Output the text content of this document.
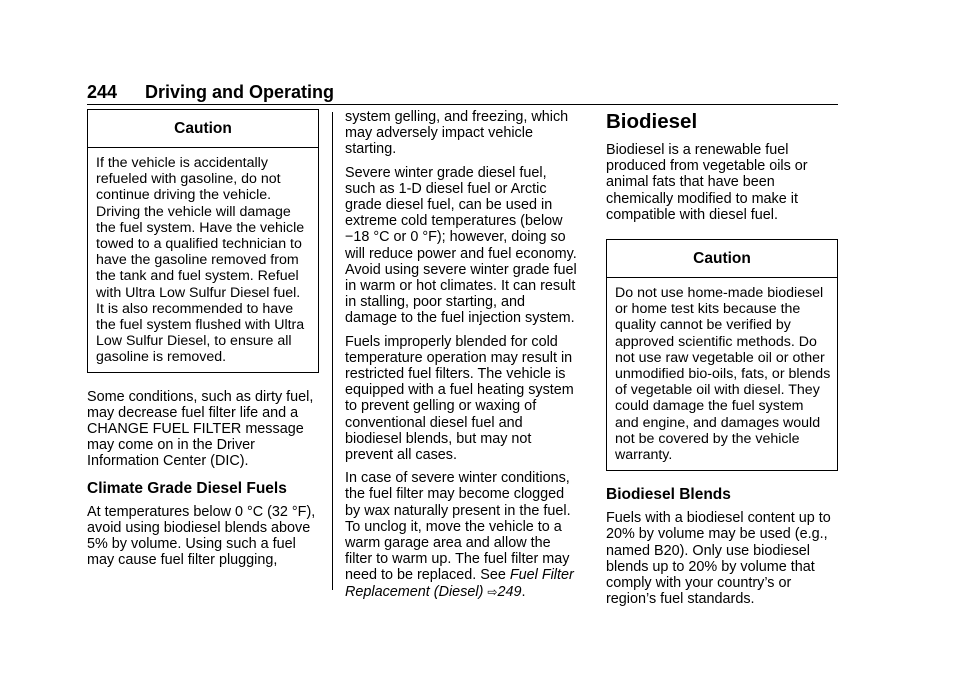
244 Driving and Operating
Caution
If the vehicle is accidentally refueled with gasoline, do not continue driving the vehicle. Driving the vehicle will damage the fuel system. Have the vehicle towed to a qualified technician to have the gasoline removed from the tank and fuel system. Refuel with Ultra Low Sulfur Diesel fuel. It is also recommended to have the fuel system flushed with Ultra Low Sulfur Diesel, to ensure all gasoline is removed.

Some conditions, such as dirty fuel, may decrease fuel filter life and a CHANGE FUEL FILTER message may come on in the Driver Information Center (DIC).

Climate Grade Diesel Fuels

At temperatures below 0 °C (32 °F), avoid using biodiesel blends above 5% by volume. Using such a fuel may cause fuel filter plugging,

system gelling, and freezing, which may adversely impact vehicle starting.

Severe winter grade diesel fuel, such as 1-D diesel fuel or Arctic grade diesel fuel, can be used in extreme cold temperatures (below −18 °C or 0 °F); however, doing so will reduce power and fuel economy. Avoid using severe winter grade fuel in warm or hot climates. It can result in stalling, poor starting, and damage to the fuel injection system.

Fuels improperly blended for cold temperature operation may result in restricted fuel filters. The vehicle is equipped with a fuel heating system to prevent gelling or waxing of conventional diesel fuel and biodiesel blends, but may not prevent all cases.

In case of severe winter conditions, the fuel filter may become clogged by wax naturally present in the fuel. To unclog it, move the vehicle to a warm garage area and allow the filter to warm up. The fuel filter may need to be replaced. See Fuel Filter Replacement (Diesel) ⇨249.

Biodiesel

Biodiesel is a renewable fuel produced from vegetable oils or animal fats that have been chemically modified to make it compatible with diesel fuel.

Caution
Do not use home-made biodiesel or home test kits because the quality cannot be verified by approved scientific methods. Do not use raw vegetable oil or other unmodified bio-oils, fats, or blends of vegetable oil with diesel. They could damage the fuel system and engine, and damages would not be covered by the vehicle warranty.
Biodiesel Blends

Fuels with a biodiesel content up to 20% by volume may be used (e.g., named B20). Only use biodiesel blends up to 20% by volume that comply with your country’s or region’s fuel standards.
